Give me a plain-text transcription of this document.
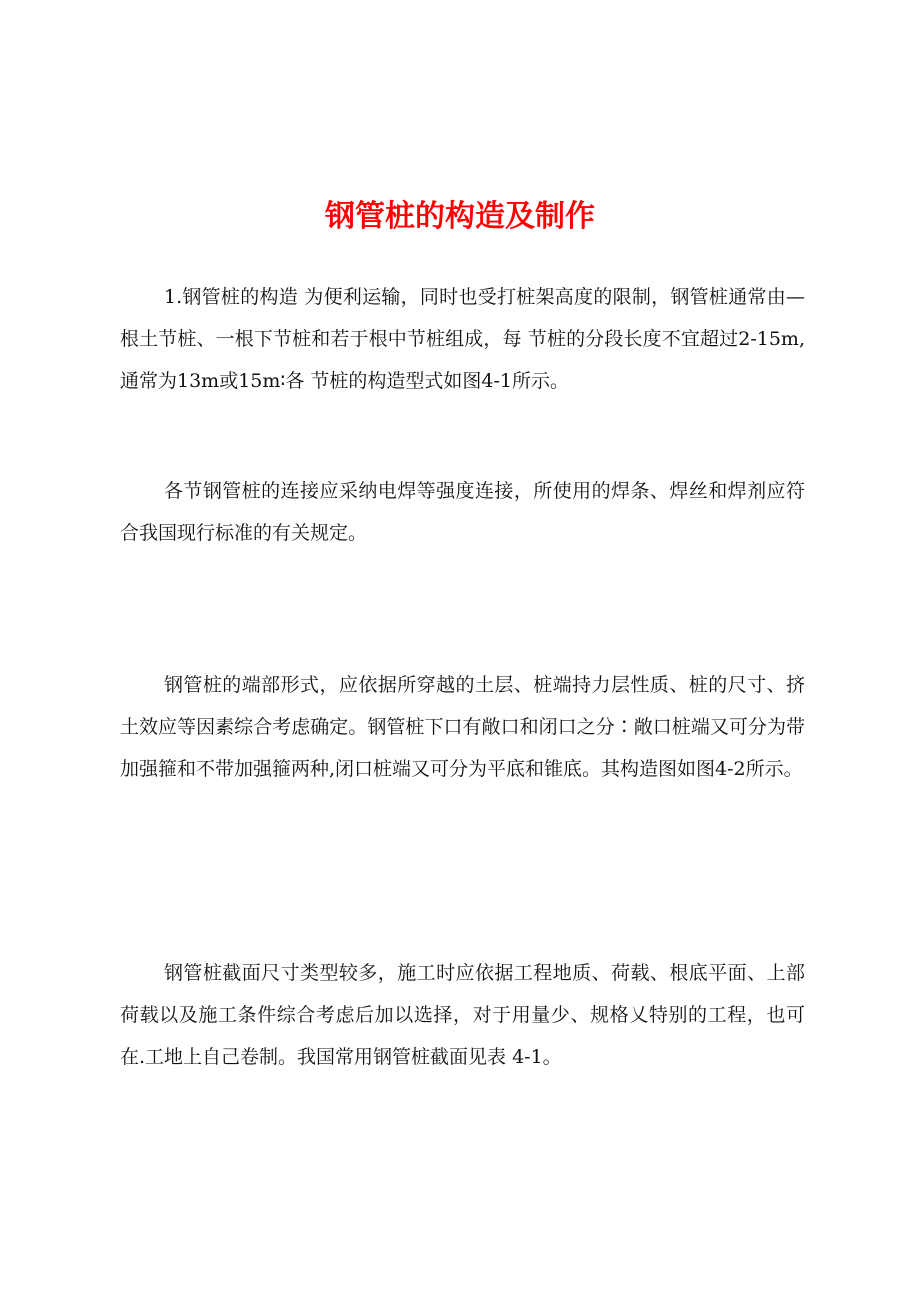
钢管桩的构造及制作

1.钢管桩的构造 为便利运输，同时也受打桩架高度的限制，钢管桩通常由—根土节桩、一根下节桩和若于根中节桩组成，每 节桩的分段长度不宜超过2-15m,通常为13m或15m∶各 节桩的构造型式如图4-1所示。

各节钢管桩的连接应采纳电焊等强度连接，所使用的焊条、焊丝和焊剂应符合我国现行标准的有关规定。

钢管桩的端部形式，应依据所穿越的土层、桩端持力层性质、桩的尺寸、挤土效应等因素综合考虑确定。钢管桩下口有敞口和闭口之分∶敞口桩端又可分为带加强箍和不带加强箍两种,闭口桩端又可分为平底和锥底。其构造图如图4-2所示。

钢管桩截面尺寸类型较多，施工时应依据工程地质、荷载、根底平面、上部荷载以及施工条件综合考虑后加以选择，对于用量少、规格乂特别的工程，也可在.工地上自己卷制。我国常用钢管桩截面见表 4-1。
